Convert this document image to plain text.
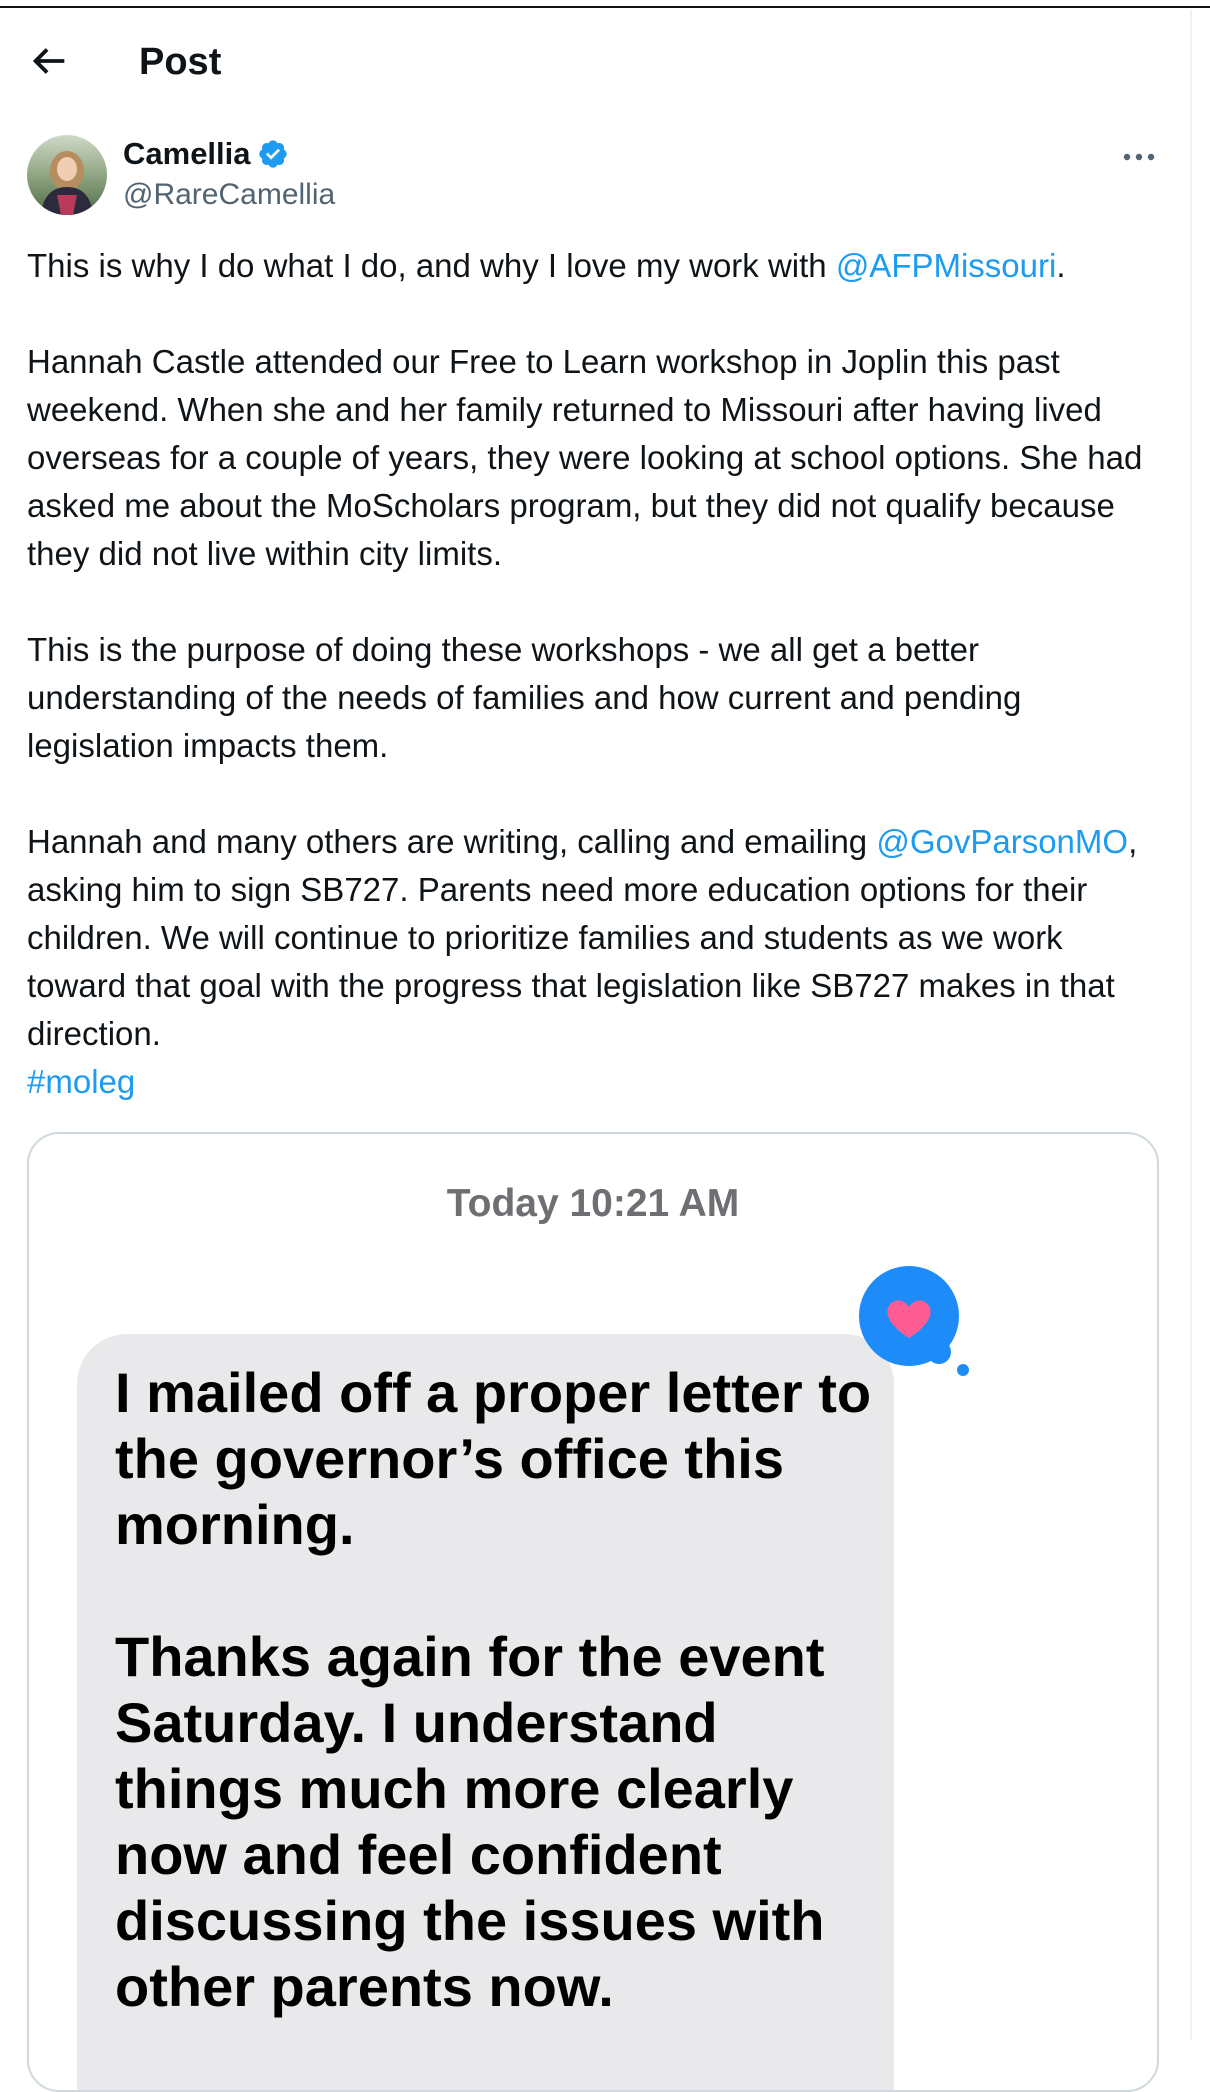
Post
Camellia
@RareCamellia

This is why I do what I do, and why I love my work with @AFPMissouri.

Hannah Castle attended our Free to Learn workshop in Joplin this past weekend. When she and her family returned to Missouri after having lived overseas for a couple of years, they were looking at school options. She had asked me about the MoScholars program, but they did not qualify because they did not live within city limits.

This is the purpose of doing these workshops - we all get a better understanding of the needs of families and how current and pending legislation impacts them.

Hannah and many others are writing, calling and emailing @GovParsonMO, asking him to sign SB727. Parents need more education options for their children. We will continue to prioritize families and students as we work toward that goal with the progress that legislation like SB727 makes in that direction.
#moleg

Today 10:21 AM

I mailed off a proper letter to the governor’s office this morning.

Thanks again for the event Saturday. I understand things much more clearly now and feel confident discussing the issues with other parents now.
